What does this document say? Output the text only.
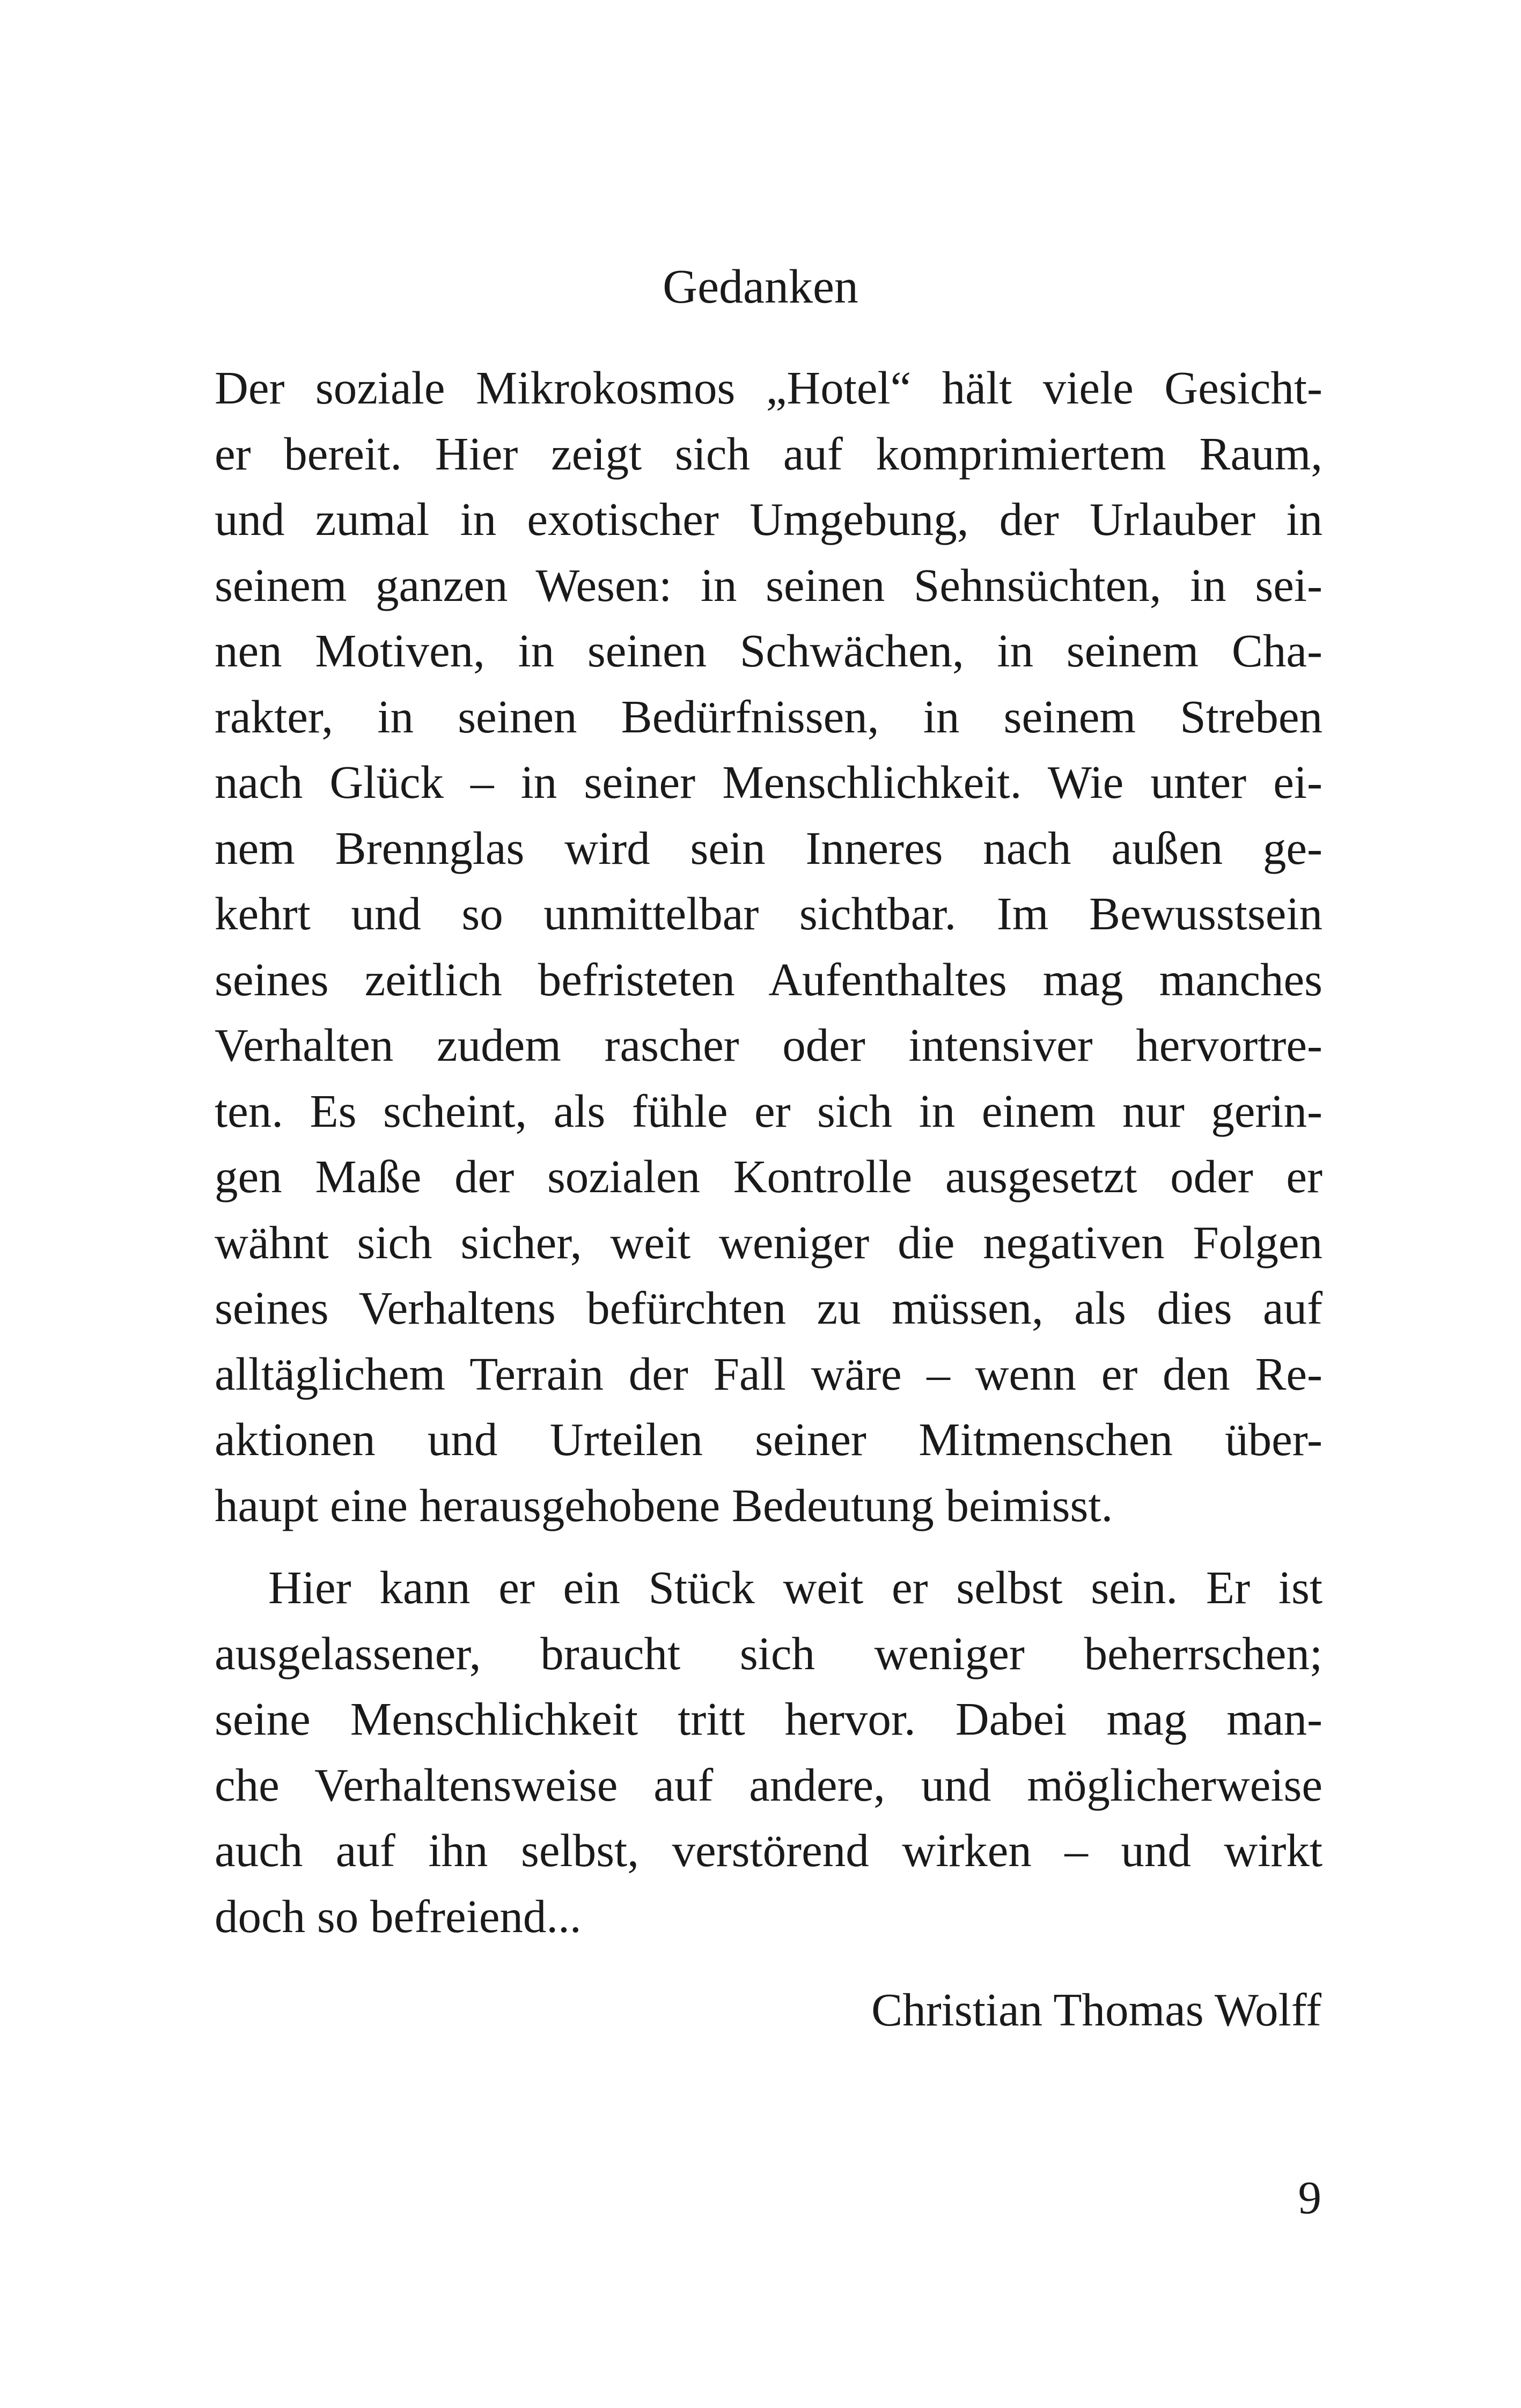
Gedanken
Der soziale Mikrokosmos „Hotel“ hält viele Gesicht-
er bereit. Hier zeigt sich auf komprimiertem Raum,
und zumal in exotischer Umgebung, der Urlauber in
seinem ganzen Wesen: in seinen Sehnsüchten, in sei-
nen Motiven, in seinen Schwächen, in seinem Cha-
rakter, in seinen Bedürfnissen, in seinem Streben
nach Glück – in seiner Menschlichkeit. Wie unter ei-
nem Brennglas wird sein Inneres nach außen ge-
kehrt und so unmittelbar sichtbar. Im Bewusstsein
seines zeitlich befristeten Aufenthaltes mag manches
Verhalten zudem rascher oder intensiver hervortre-
ten. Es scheint, als fühle er sich in einem nur gerin-
gen Maße der sozialen Kontrolle ausgesetzt oder er
wähnt sich sicher, weit weniger die negativen Folgen
seines Verhaltens befürchten zu müssen, als dies auf
alltäglichem Terrain der Fall wäre – wenn er den Re-
aktionen und Urteilen seiner Mitmenschen über-
haupt eine herausgehobene Bedeutung beimisst.
Hier kann er ein Stück weit er selbst sein. Er ist
ausgelassener, braucht sich weniger beherrschen;
seine Menschlichkeit tritt hervor. Dabei mag man-
che Verhaltensweise auf andere, und möglicherweise
auch auf ihn selbst, verstörend wirken – und wirkt
doch so befreiend...

Christian Thomas Wolff

9
